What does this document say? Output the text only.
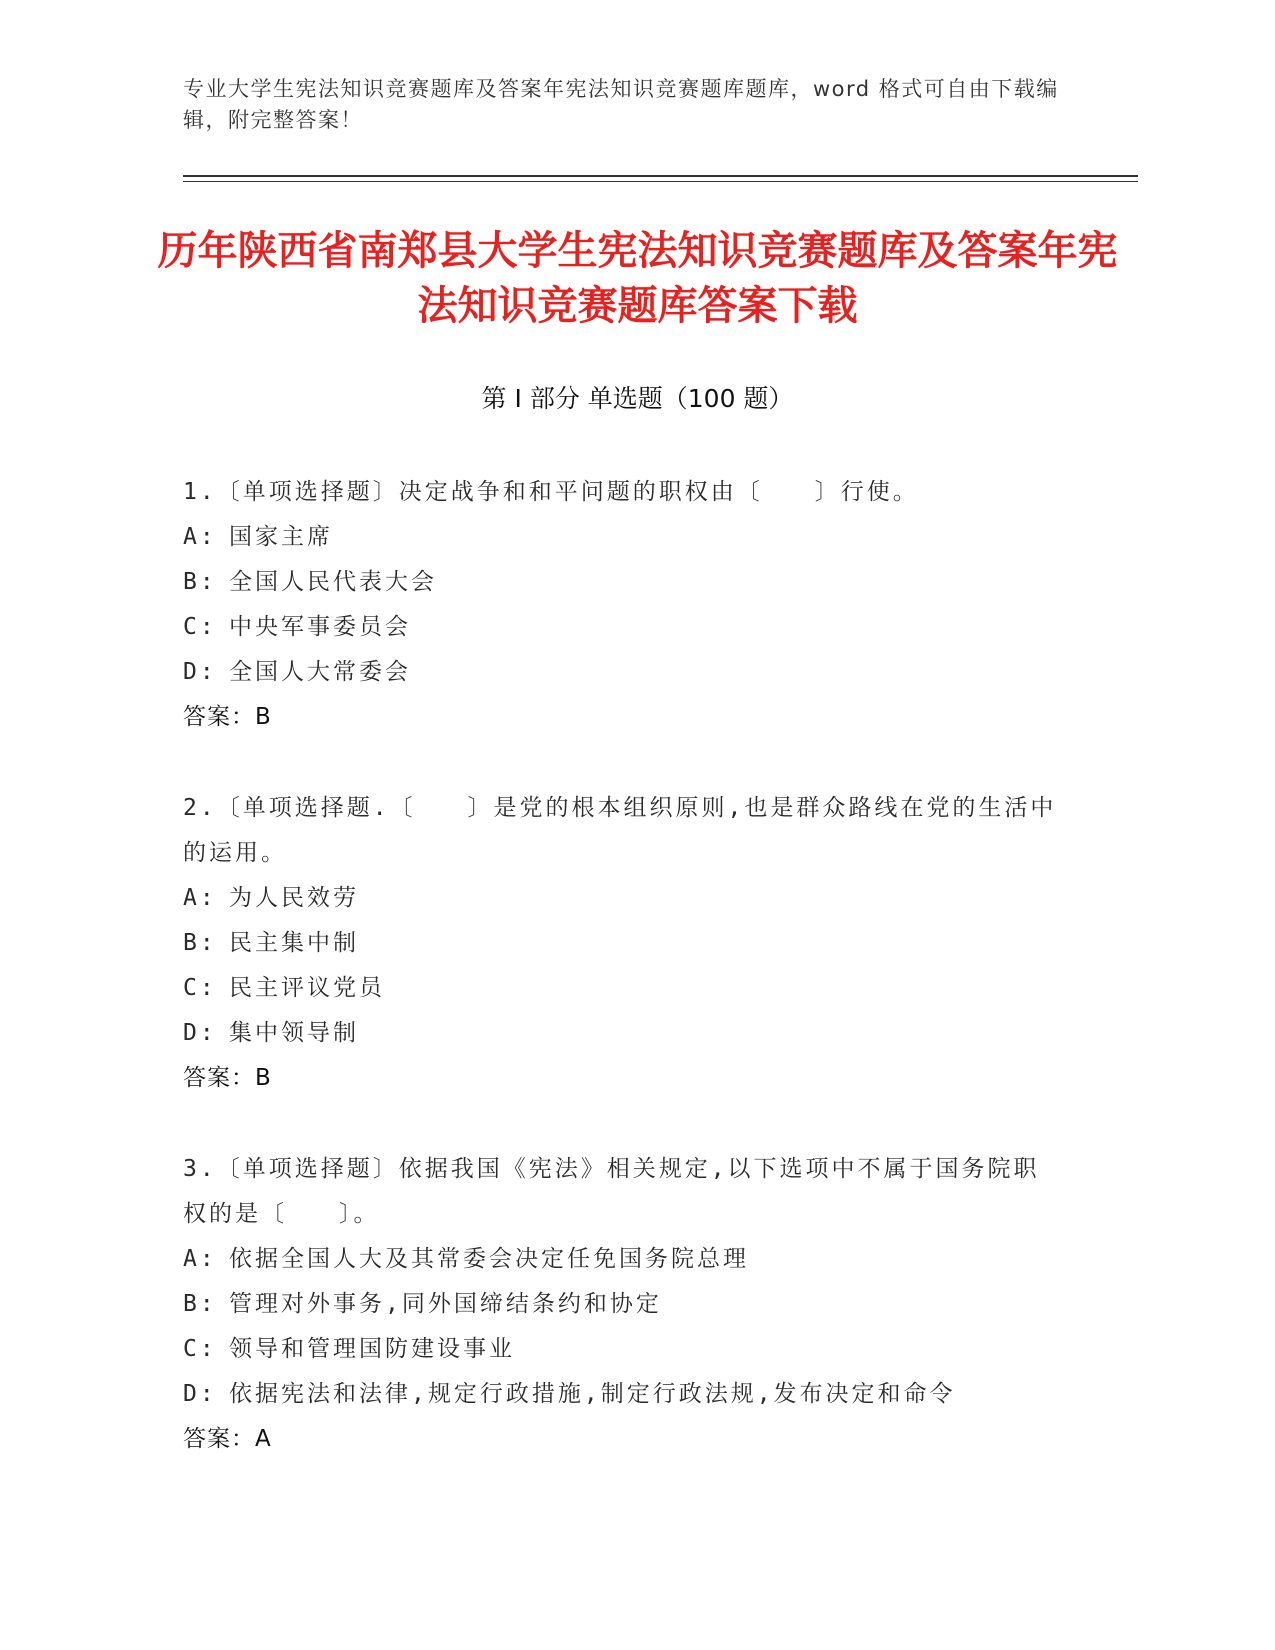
专业大学生宪法知识竞赛题库及答案年宪法知识竞赛题库题库，word 格式可自由下载编辑，附完整答案！
历年陕西省南郑县大学生宪法知识竞赛题库及答案年宪法知识竞赛题库答案下载
第 I 部分 单选题（100 题）
1.〔单项选择题〕决定战争和和平问题的职权由〔　　〕行使。
A: 国家主席
B: 全国人民代表大会
C: 中央军事委员会
D: 全国人大常委会
答案：B
2.〔单项选择题.〔　　〕是党的根本组织原则,也是群众路线在党的生活中的运用。
A: 为人民效劳
B: 民主集中制
C: 民主评议党员
D: 集中领导制
答案：B
3.〔单项选择题〕依据我国《宪法》相关规定,以下选项中不属于国务院职权的是〔　　〕。
A: 依据全国人大及其常委会决定任免国务院总理
B: 管理对外事务,同外国缔结条约和协定
C: 领导和管理国防建设事业
D: 依据宪法和法律,规定行政措施,制定行政法规,发布决定和命令
答案：A
